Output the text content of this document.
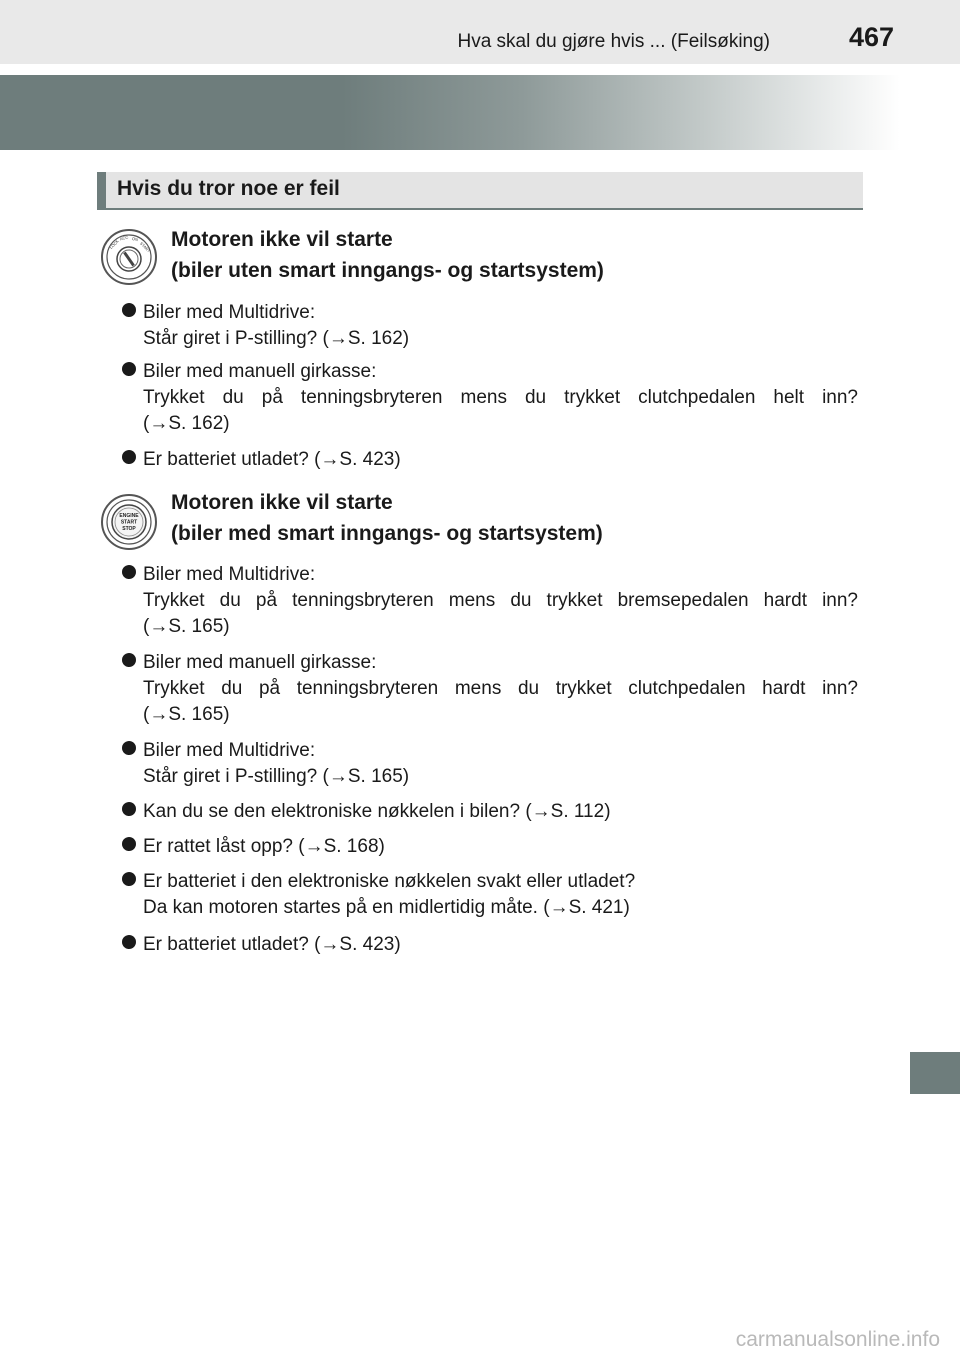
Hva skal du gjøre hvis ... (Feilsøking)	467
Hvis du tror noe er feil
LOCK
ACC ON
START Motoren ikke vil starte
(biler uten smart inngangs- og startsystem)
Biler med Multidrive:
Står giret i P-stilling? (→S. 162)
Biler med manuell girkasse:
Trykket du på tenningsbryteren mens du trykket clutchpedalen helt inn?
(→S. 162)
Er batteriet utladet? (→S. 423)
ENGINE
START
STOP
Motoren ikke vil starte
(biler med smart inngangs- og startsystem)
Biler med Multidrive:
Trykket du på tenningsbryteren mens du trykket bremsepedalen hardt inn?
(→S. 165)
Biler med manuell girkasse:
Trykket du på tenningsbryteren mens du trykket clutchpedalen hardt inn?
(→S. 165)
Biler med Multidrive:
Står giret i P-stilling? (→S. 165)
Kan du se den elektroniske nøkkelen i bilen? (→S. 112)
Er rattet låst opp? (→S. 168)
Er batteriet i den elektroniske nøkkelen svakt eller utladet?
Da kan motoren startes på en midlertidig måte. (→S. 421)
Er batteriet utladet? (→S. 423)
carmanualsonline.info
